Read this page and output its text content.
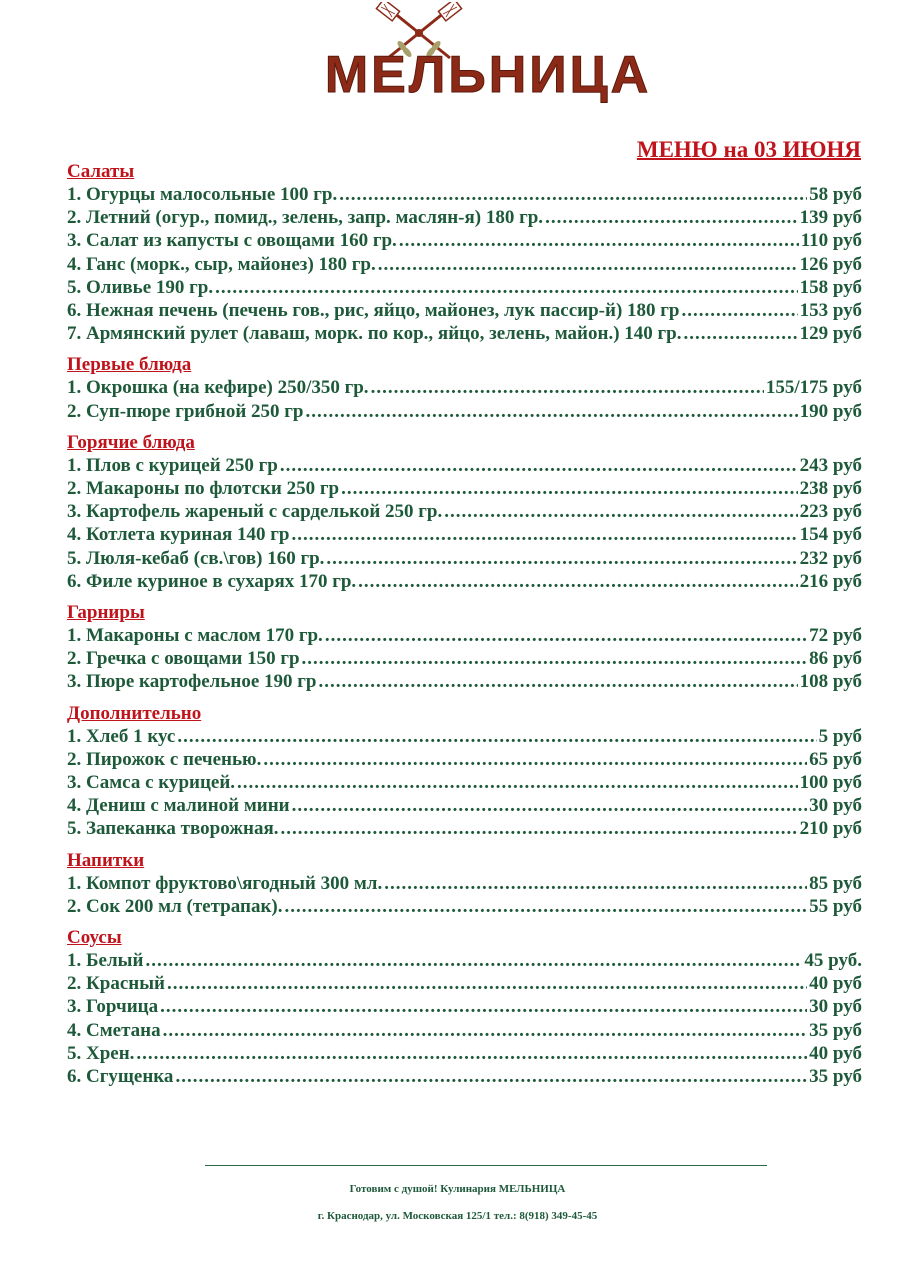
МЕЛЬНИЦА
МЕНЮ на 03 ИЮНЯ
Салаты
1. Огурцы малосольные 100 гр. .....	58 руб
2. Летний (огур., помид., зелень, запр. маслян-я) 180 гр. .....	139 руб
3. Салат из капусты с овощами 160 гр. .....	110 руб
4. Ганс (морк., сыр, майонез) 180 гр. .....	126 руб
5. Оливье 190 гр. .....	158 руб
6. Нежная печень (печень гов., рис, яйцо, майонез, лук пассир-й) 180 гр .....	153 руб
7. Армянский рулет (лаваш, морк. по кор., яйцо, зелень, майон.) 140 гр. .....	129 руб
Первые блюда
1. Окрошка (на кефире) 250/350 гр. .....	155/175 руб
2. Суп-пюре грибной 250 гр .....	190 руб
Горячие блюда
1. Плов с курицей 250 гр .....	243 руб
2. Макароны по флотски 250 гр .....	238 руб
3. Картофель жареный с сарделькой 250 гр. .....	223 руб
4. Котлета куриная 140 гр .....	154 руб
5. Люля-кебаб (св.\гов) 160 гр. .....	232 руб
6. Филе куриное в сухарях 170 гр. .....	216 руб
Гарниры
1. Макароны с маслом 170 гр. .....	72 руб
2. Гречка с овощами 150 гр .....	86 руб
3. Пюре картофельное 190 гр .....	108 руб
Дополнительно
1. Хлеб 1 кус .....	5 руб
2. Пирожок с печенью. .....	65 руб
3. Самса с курицей. .....	100 руб
4. Дениш с малиной мини .....	30 руб
5. Запеканка творожная. .....	210 руб
Напитки
1. Компот фруктово\ягодный 300 мл. .....	85 руб
2. Сок 200 мл (тетрапак). .....	55 руб
Соусы
1. Белый .....	45 руб.
2. Красный .....	40 руб
3. Горчица .....	30 руб
4. Сметана .....	35 руб
5. Хрен. .....	40 руб
6. Сгущенка .....	35 руб
Готовим с душой! Кулинария МЕЛЬНИЦА
г. Краснодар, ул. Московская 125/1 тел.: 8(918) 349-45-45
